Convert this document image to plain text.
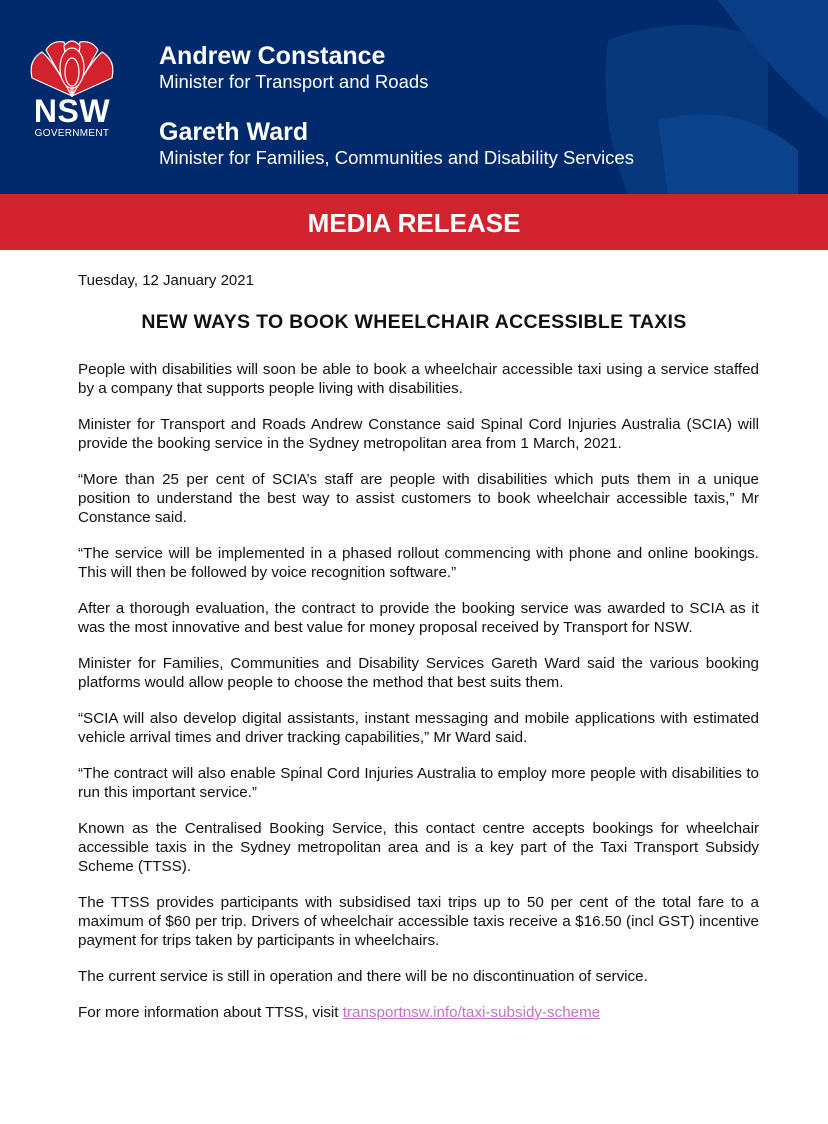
NSW
GOVERNMENT
Andrew Constance
Minister for Transport and Roads
Gareth Ward
Minister for Families, Communities and Disability Services
MEDIA RELEASE
Tuesday, 12 January 2021
NEW WAYS TO BOOK WHEELCHAIR ACCESSIBLE TAXIS

People with disabilities will soon be able to book a wheelchair accessible taxi using a service staffed by a company that supports people living with disabilities.

Minister for Transport and Roads Andrew Constance said Spinal Cord Injuries Australia (SCIA) will provide the booking service in the Sydney metropolitan area from 1 March, 2021.

“More than 25 per cent of SCIA’s staff are people with disabilities which puts them in a unique position to understand the best way to assist customers to book wheelchair accessible taxis,” Mr Constance said.

“The service will be implemented in a phased rollout commencing with phone and online bookings. This will then be followed by voice recognition software.”

After a thorough evaluation, the contract to provide the booking service was awarded to SCIA as it was the most innovative and best value for money proposal received by Transport for NSW.

Minister for Families, Communities and Disability Services Gareth Ward said the various booking platforms would allow people to choose the method that best suits them.

“SCIA will also develop digital assistants, instant messaging and mobile applications with estimated vehicle arrival times and driver tracking capabilities,” Mr Ward said.

“The contract will also enable Spinal Cord Injuries Australia to employ more people with disabilities to run this important service.”

Known as the Centralised Booking Service, this contact centre accepts bookings for wheelchair accessible taxis in the Sydney metropolitan area and is a key part of the Taxi Transport Subsidy Scheme (TTSS).

The TTSS provides participants with subsidised taxi trips up to 50 per cent of the total fare to a maximum of $60 per trip. Drivers of wheelchair accessible taxis receive a $16.50 (incl GST) incentive payment for trips taken by participants in wheelchairs.

The current service is still in operation and there will be no discontinuation of service.

For more information about TTSS, visit transportnsw.info/taxi-subsidy-scheme
